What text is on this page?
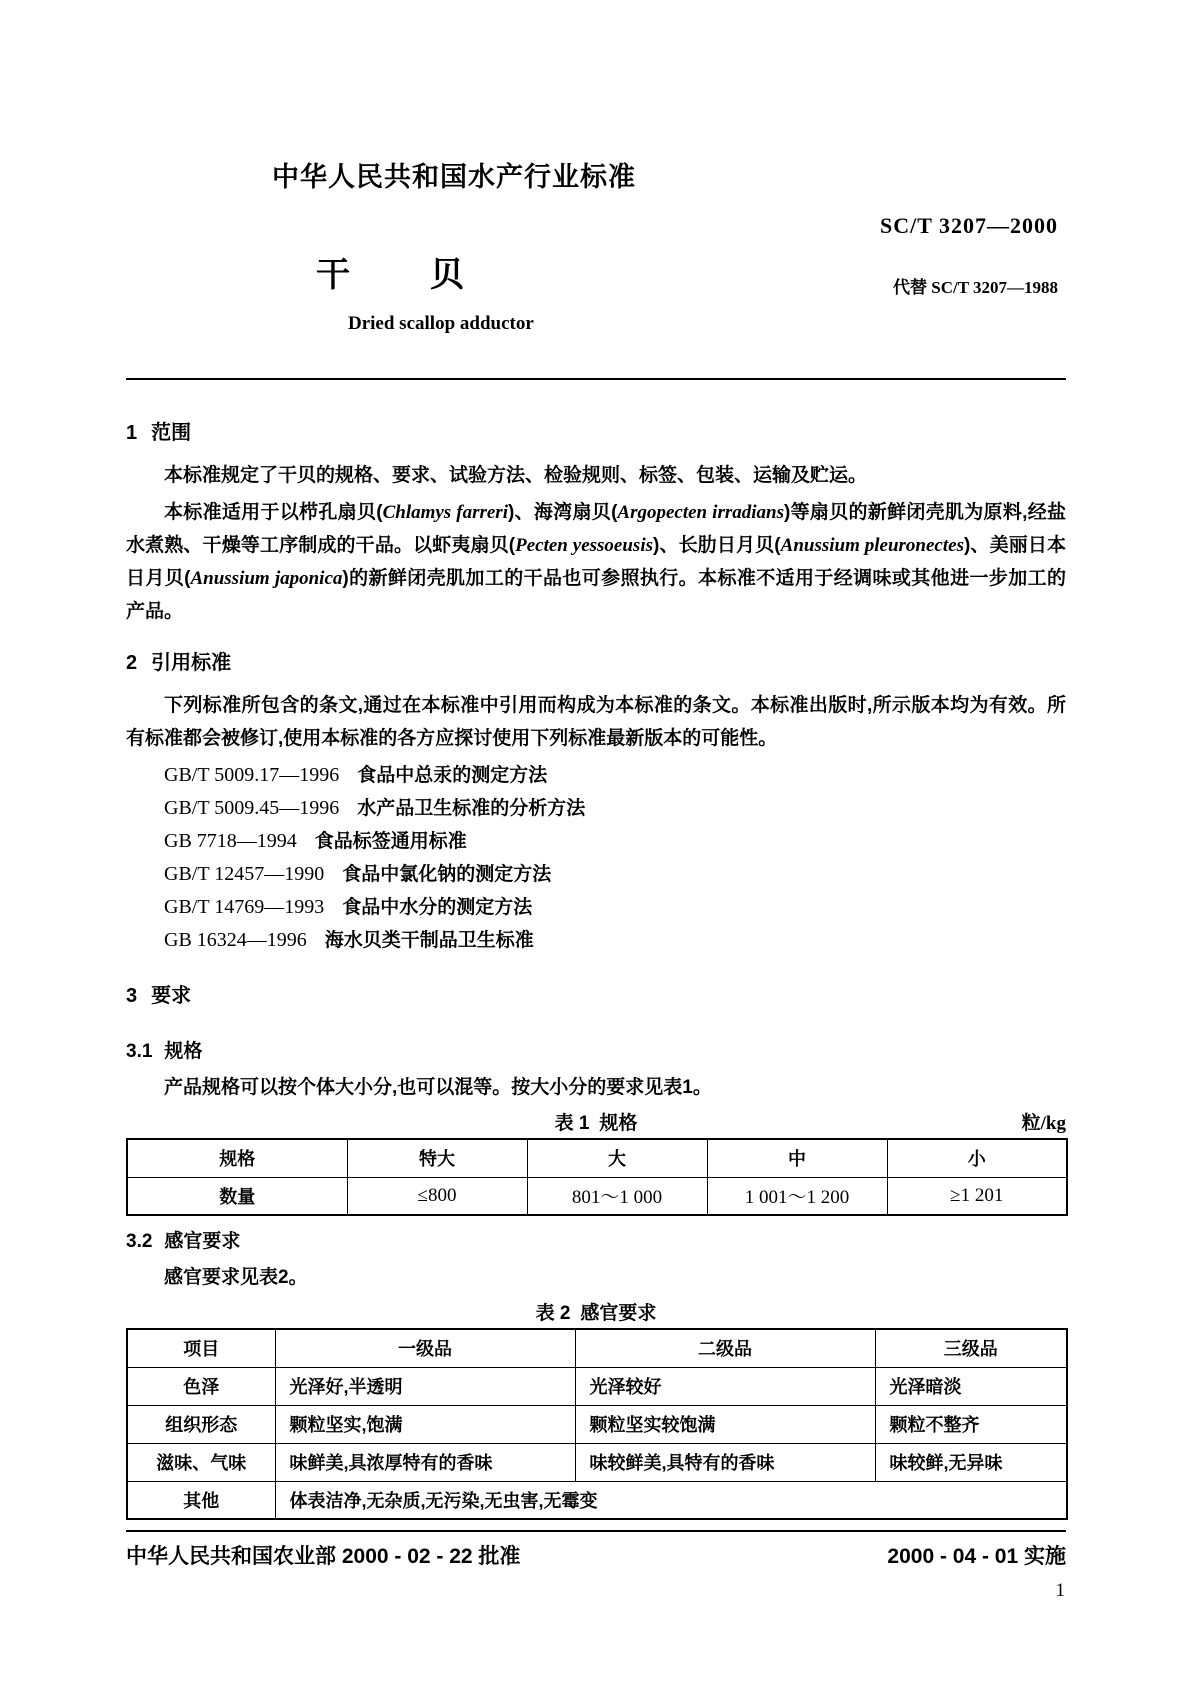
中华人民共和国水产行业标准
SC/T 3207—2000
干贝	代替 SC/T 3207—1988
Dried scallop adductor
1 范围

本标准规定了干贝的规格、要求、试验方法、检验规则、标签、包装、运输及贮运。

本标准适用于以栉孔扇贝(Chlamys farreri)、海湾扇贝(Argopecten irradians)等扇贝的新鲜闭壳肌为原料,经盐水煮熟、干燥等工序制成的干品。以虾夷扇贝(Pecten yessoeusis)、长肋日月贝(Anussium pleuronectes)、美丽日本日月贝(Anussium japonica)的新鲜闭壳肌加工的干品也可参照执行。本标准不适用于经调味或其他进一步加工的产品。

2 引用标准

下列标准所包含的条文,通过在本标准中引用而构成为本标准的条文。本标准出版时,所示版本均为有效。所有标准都会被修订,使用本标准的各方应探讨使用下列标准最新版本的可能性。

GB/T 5009.17—1996 食品中总汞的测定方法
GB/T 5009.45—1996 水产品卫生标准的分析方法
GB 7718—1994 食品标签通用标准
GB/T 12457—1990 食品中氯化钠的测定方法
GB/T 14769—1993 食品中水分的测定方法
GB 16324—1996 海水贝类干制品卫生标准
3 要求
3.1 规格

产品规格可以按个体大小分,也可以混等。按大小分的要求见表1。

表 1 规格	粒/kg
规格	特大	大	中	小
数量	≤800	801～1 000	1 001～1 200	≥1 201
3.2 感官要求

感官要求见表2。

表 2 感官要求
项目	一级品	二级品	三级品
色泽	光泽好,半透明	光泽较好	光泽暗淡
组织形态	颗粒坚实,饱满	颗粒坚实较饱满	颗粒不整齐
滋味、气味	味鲜美,具浓厚特有的香味	味较鲜美,具特有的香味	味较鲜,无异味
其他	体表洁净,无杂质,无污染,无虫害,无霉变		
中华人民共和国农业部 2000 - 02 - 22 批准	2000 - 04 - 01 实施
1
